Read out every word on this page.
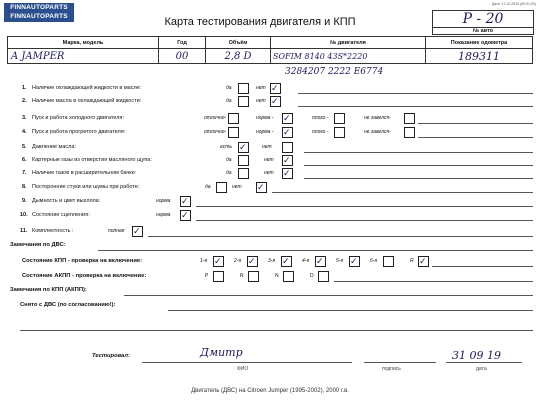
FINNAUTOPARTS
FINNAUTOPARTS
Дата: 17.10.2019 (00:01:00)
Карта тестирования двигателя и КПП	Р - 20
№ авто
Марка, модель	Год	Объём	№ двигателя	Показание одометра
A JAMPER	00	2,8 D	SOFIM 8140 43S*2220	189311
3284207 2222 E6774
1. Наличие охлаждающей жидкости в масле:	да	нет ✓
2. Наличие масла в охлаждающей жидкости:	да	нет ✓
3. Пуск и работа холодного двигателя:	отлично-	норма - ✓	плохо -	не завелся-
4. Пуск и работа прогретого двигателя:	отлично-	норма - ✓	плохо -	не завелся-
5. Давление масла:	есть ✓	нет
6. Картерные газы из отверстия масляного щупа:	да	нет ✓
7. Наличие газов в расширительном бачке:	да	нет ✓
8. Посторонние стуки или шумы при работе:	да	нет ✓
9. Дымность и цвет выхлопа:	норма ✓
10. Состояние сцепления:	норма ✓
11. Комплектность :	полная ✓
Замечания по ДВС:
Состояние КПП - проверка на включение:	1-я ✓ 2-я ✓ 3-я ✓ 4-я ✓ 5-я ✓ 6-я	R ✓
Состояние АКПП - проверка на включение:	P	R	N	D
Замечания по КПП (АКПП):
Снято с ДВС (по согласованию!):
Тестировал:	Дмитр	31 09 19
ФИО	подпись	дата
Двигатель (ДВС) на Citroen Jumper (1995-2002), 2000 г.в.
